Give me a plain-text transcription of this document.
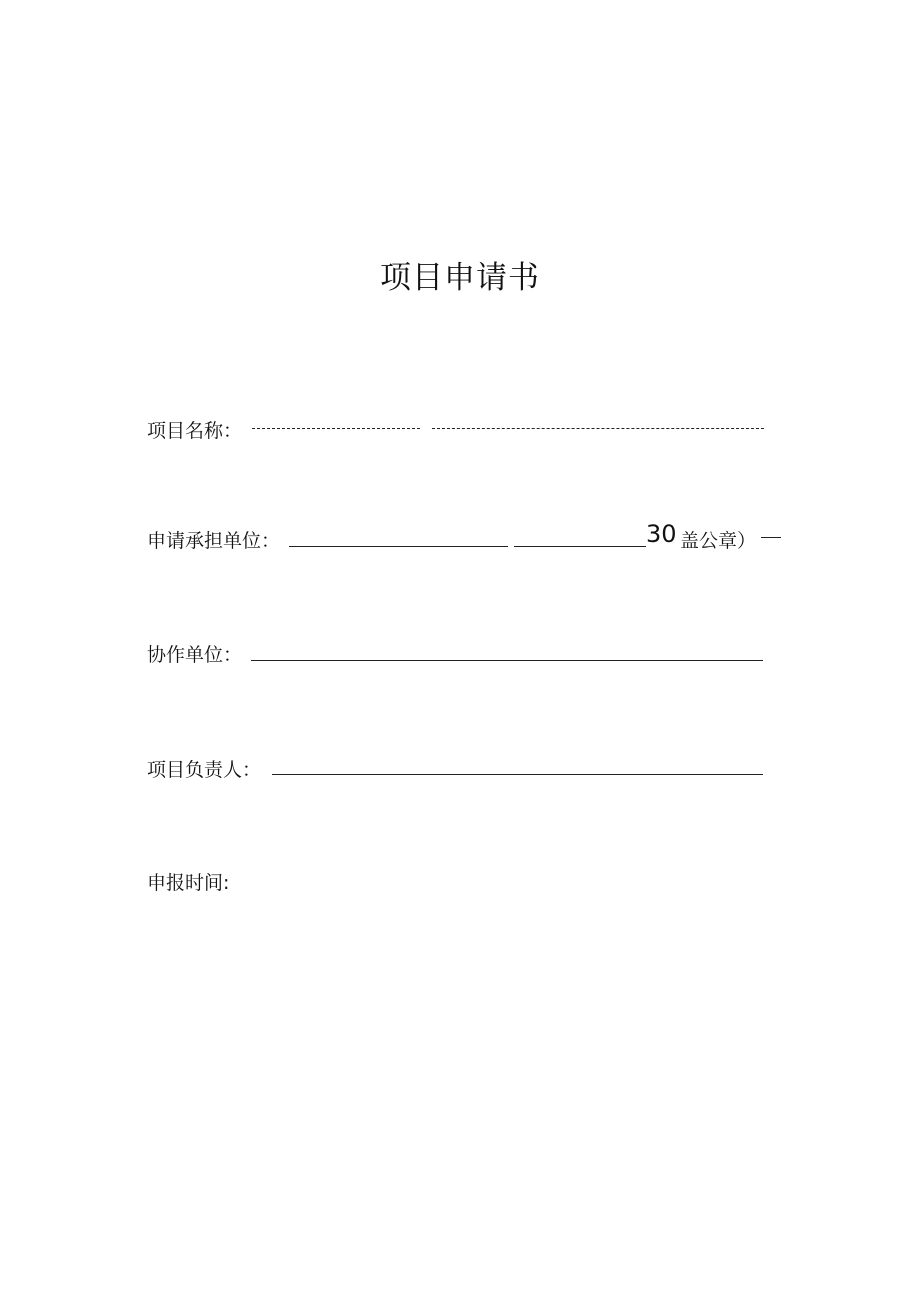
项目申请书
项目名称：
申请承担单位：	30 盖公章）
协作单位：
项目负责人：
申报时间:
